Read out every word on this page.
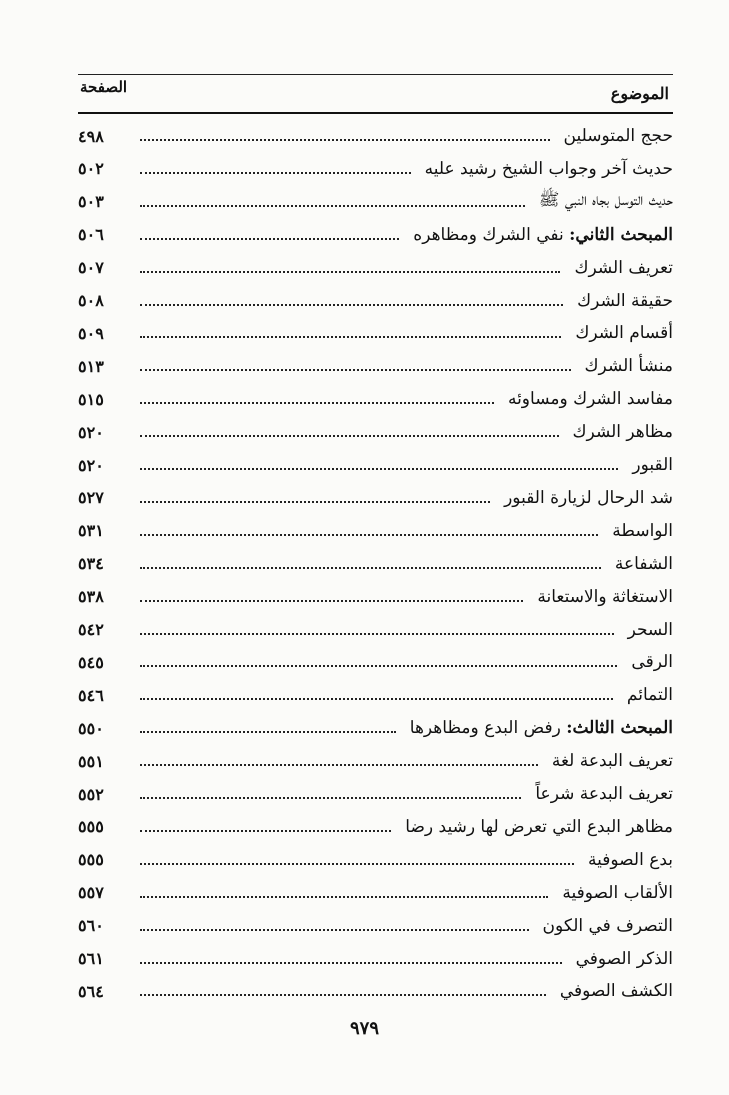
الموضوع
الصفحة
حجج المتوسلين
٤٩٨
حديث آخر وجواب الشيخ رشيد عليه
٥٠٢
حديث التوسل بجاه النبي ﷺ
٥٠٣
المبحث الثاني: نفي الشرك ومظاهره
٥٠٦
تعريف الشرك
٥٠٧
حقيقة الشرك
٥٠٨
أقسام الشرك
٥٠٩
منشأ الشرك
٥١٣
مفاسد الشرك ومساوئه
٥١٥
مظاهر الشرك
٥٢٠
القبور
٥٢٠
شد الرحال لزيارة القبور
٥٢٧
الواسطة
٥٣١
الشفاعة
٥٣٤
الاستغاثة والاستعانة
٥٣٨
السحر
٥٤٢
الرقى
٥٤٥
التمائم
٥٤٦
المبحث الثالث: رفض البدع ومظاهرها
٥٥٠
تعريف البدعة لغة
٥٥١
تعريف البدعة شرعاً
٥٥٢
مظاهر البدع التي تعرض لها رشيد رضا
٥٥٥
بدع الصوفية
٥٥٥
الألقاب الصوفية
٥٥٧
التصرف في الكون
٥٦٠
الذكر الصوفي
٥٦١
الكشف الصوفي
٥٦٤
٩٧٩
